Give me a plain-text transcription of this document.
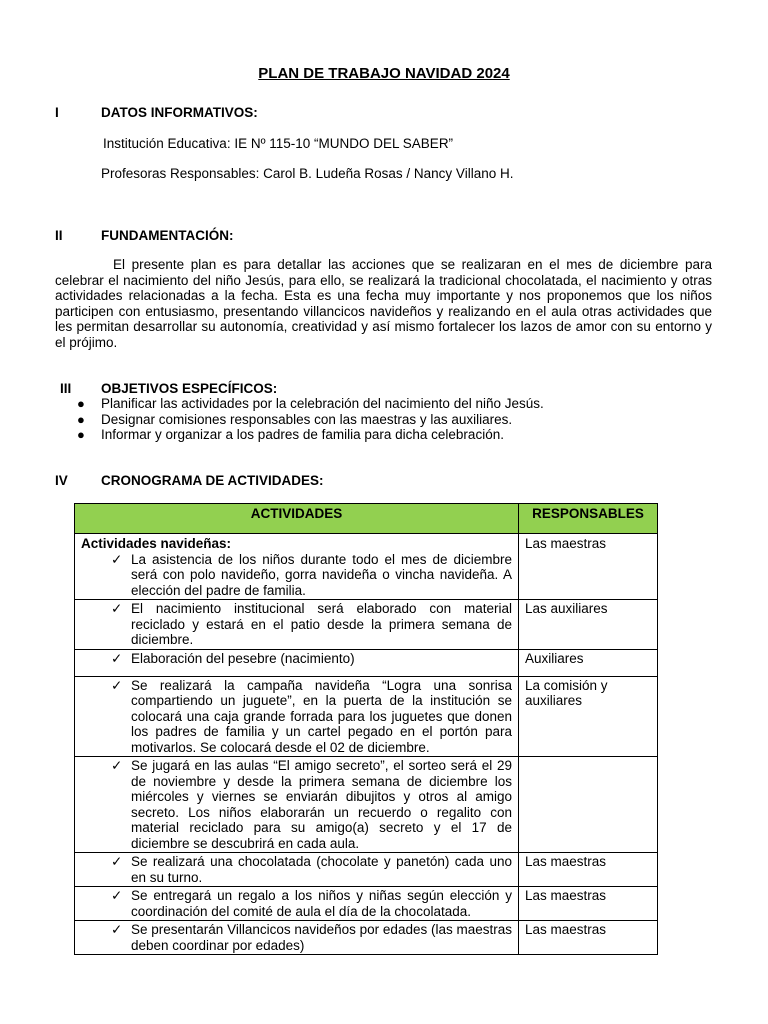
PLAN DE TRABAJO NAVIDAD 2024
I	DATOS INFORMATIVOS:
Institución Educativa: IE Nº 115-10 “MUNDO DEL SABER”
Profesoras Responsables: Carol B. Ludeña Rosas / Nancy Villano H.
II	FUNDAMENTACIÓN:

El presente plan es para detallar las acciones que se realizaran en el mes de diciembre para celebrar el nacimiento del niño Jesús, para ello, se realizará la tradicional chocolatada, el nacimiento y otras actividades relacionadas a la fecha. Esta es una fecha muy importante y nos proponemos que los niños participen con entusiasmo, presentando villancicos navideños y realizando en el aula otras actividades que les permitan desarrollar su autonomía, creatividad y así mismo fortalecer los lazos de amor con su entorno y el prójimo.

III OBJETIVOS ESPECÍFICOS:
● Planificar las actividades por la celebración del nacimiento del niño Jesús.
● Designar comisiones responsables con las maestras y las auxiliares.
● Informar y organizar a los padres de familia para dicha celebración.
IV CRONOGRAMA DE ACTIVIDADES:
ACTIVIDADES	RESPONSABLES

Actividades navideñas:
✓ La asistencia de los niños durante todo el mes de diciembre será con polo navideño, gorra navideña o vincha navideña. A elección del padre de familia.	Las maestras

✓ El nacimiento institucional será elaborado con material reciclado y estará en el patio desde la primera semana de diciembre.	Las auxiliares

✓ Elaboración del pesebre (nacimiento)	Auxiliares

✓ Se realizará la campaña navideña “Logra una sonrisa compartiendo un juguete”, en la puerta de la institución se colocará una caja grande forrada para los juguetes que donen los padres de familia y un cartel pegado en el portón para motivarlos. Se colocará desde el 02 de diciembre.	La comisión y auxiliares

✓ Se jugará en las aulas “El amigo secreto”, el sorteo será el 29 de noviembre y desde la primera semana de diciembre los miércoles y viernes se enviarán dibujitos y otros al amigo secreto. Los niños elaborarán un recuerdo o regalito con material reciclado para su amigo(a) secreto y el 17 de diciembre se descubrirá en cada aula.	

✓ Se realizará una chocolatada (chocolate y panetón) cada uno en su turno.	Las maestras

✓ Se entregará un regalo a los niños y niñas según elección y coordinación del comité de aula el día de la chocolatada.	Las maestras

✓ Se presentarán Villancicos navideños por edades (las maestras deben coordinar por edades)	Las maestras
